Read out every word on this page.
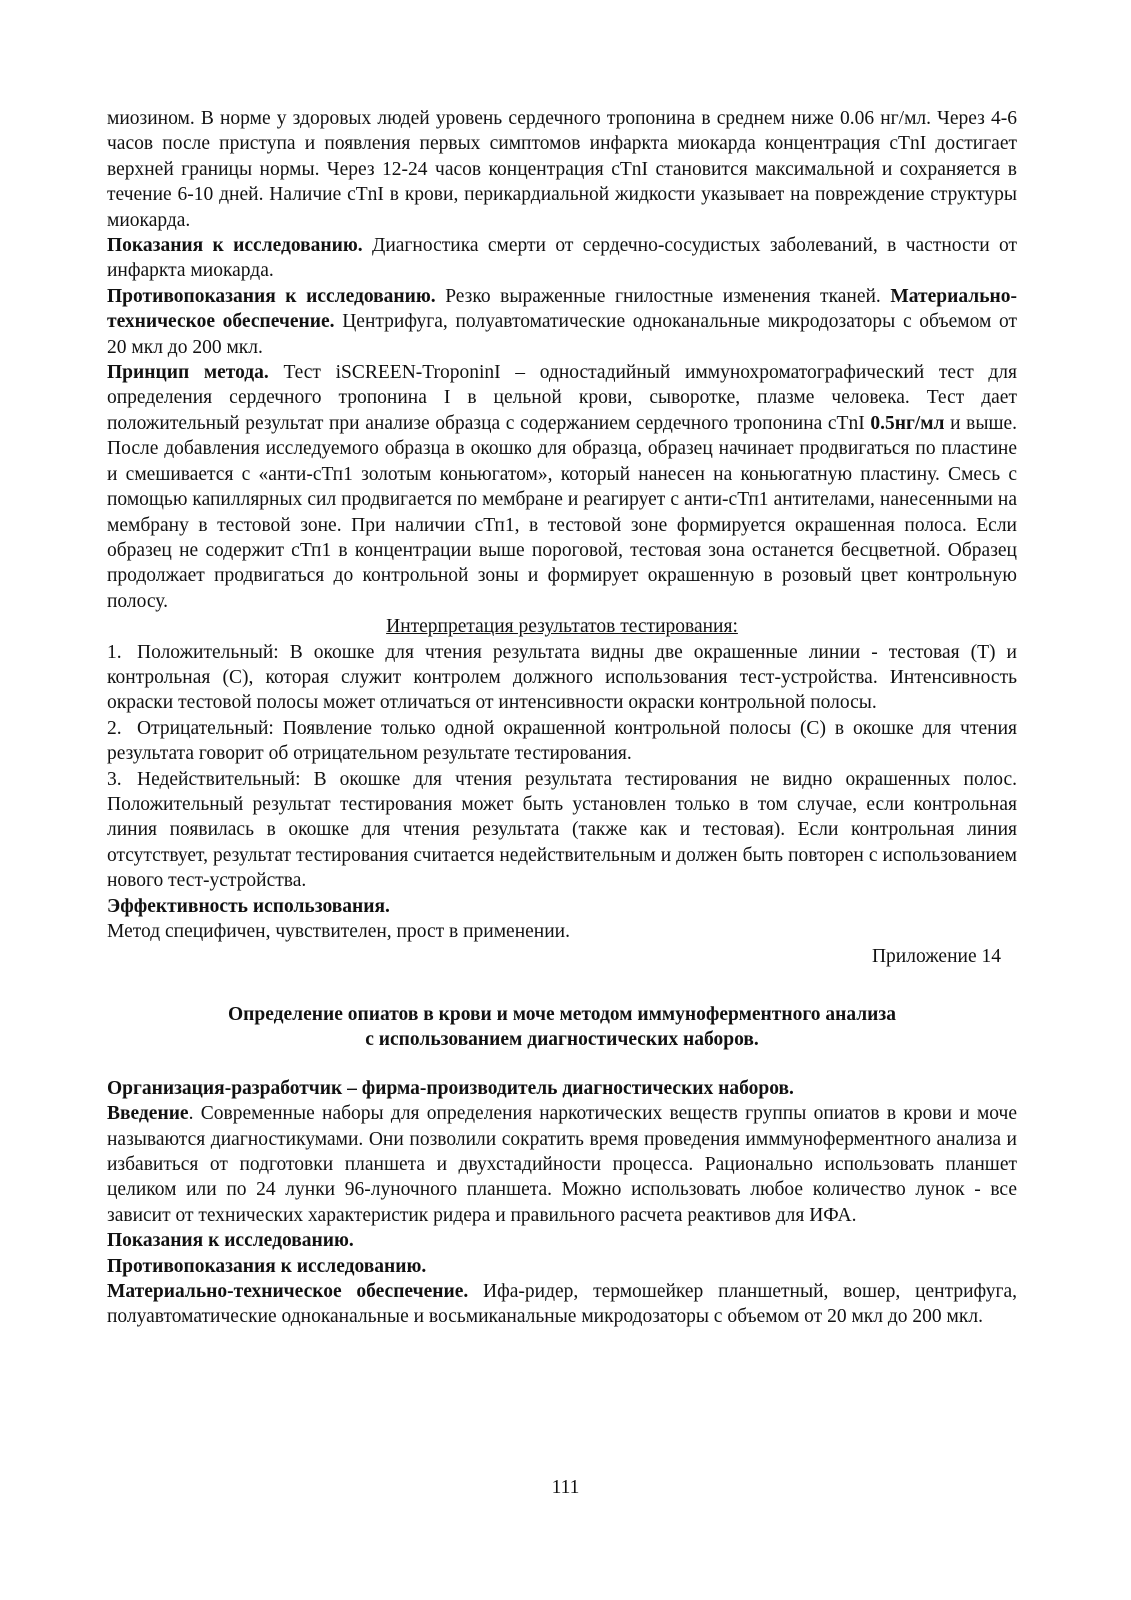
миозином. В норме у здоровых людей уровень сердечного тропонина в среднем ниже 0.06 нг/мл. Через 4-6 часов после приступа и появления первых симптомов инфаркта миокарда концентрация сTnI достигает верхней границы нормы. Через 12-24 часов концентрация сTnI становится максимальной и сохраняется в течение 6-10 дней. Наличие сTnI в крови, перикардиальной жидкости указывает на повреждение структуры миокарда.

Показания к исследованию. Диагностика смерти от сердечно-сосудистых заболеваний, в частности от инфаркта миокарда.

Противопоказания к исследованию. Резко выраженные гнилостные изменения тканей. Материально-техническое обеспечение. Центрифуга, полуавтоматические одноканальные микродозаторы с объемом от 20 мкл до 200 мкл.

Принцип метода. Тест iSCREEN-TroponinI – одностадийный иммунохроматографический тест для определения сердечного тропонина I в цельной крови, сыворотке, плазме человека. Тест дает положительный результат при анализе образца с содержанием сердечного тропонина сTnI 0.5нг/мл и выше. После добавления исследуемого образца в окошко для образца, образец начинает продвигаться по пластине и смешивается с «анти-сТп1 золотым коньюгатом», который нанесен на коньюгатную пластину. Смесь с помощью капиллярных сил продвигается по мембране и реагирует с анти-сТп1 антителами, нанесенными на мембрану в тестовой зоне. При наличии сТп1, в тестовой зоне формируется окрашенная полоса. Если образец не содержит сТп1 в концентрации выше пороговой, тестовая зона останется бесцветной. Образец продолжает продвигаться до контрольной зоны и формирует окрашенную в розовый цвет контрольную полосу.

Интерпретация результатов тестирования:

1. Положительный: В окошке для чтения результата видны две окрашенные линии - тестовая (Т) и контрольная (С), которая служит контролем должного использования тест-устройства. Интенсивность окраски тестовой полосы может отличаться от интенсивности окраски контрольной полосы.

2. Отрицательный: Появление только одной окрашенной контрольной полосы (С) в окошке для чтения результата говорит об отрицательном результате тестирования.

3. Недействительный: В окошке для чтения результата тестирования не видно окрашенных полос. Положительный результат тестирования может быть установлен только в том случае, если контрольная линия появилась в окошке для чтения результата (также как и тестовая). Если контрольная линия отсутствует, результат тестирования считается недействительным и должен быть повторен с использованием нового тест-устройства.

Эффективность использования.

Метод специфичен, чувствителен, прост в применении.

Приложение 14

Определение опиатов в крови и моче методом иммуноферментного анализа
с использованием диагностических наборов.

Организация-разработчик – фирма-производитель диагностических наборов.

Введение. Современные наборы для определения наркотических веществ группы опиатов в крови и моче называются диагностикумами. Они позволили сократить время проведения имммуноферментного анализа и избавиться от подготовки планшета и двухстадийности процесса. Рационально использовать планшет целиком или по 24 лунки 96-луночного планшета. Можно использовать любое количество лунок - все зависит от технических характеристик ридера и правильного расчета реактивов для ИФА.

Показания к исследованию.

Противопоказания к исследованию.

Материально-техническое обеспечение. Ифа-ридер, термошейкер планшетный, вошер, центрифуга, полуавтоматические одноканальные и восьмиканальные микродозаторы с объемом от 20 мкл до 200 мкл.

111
